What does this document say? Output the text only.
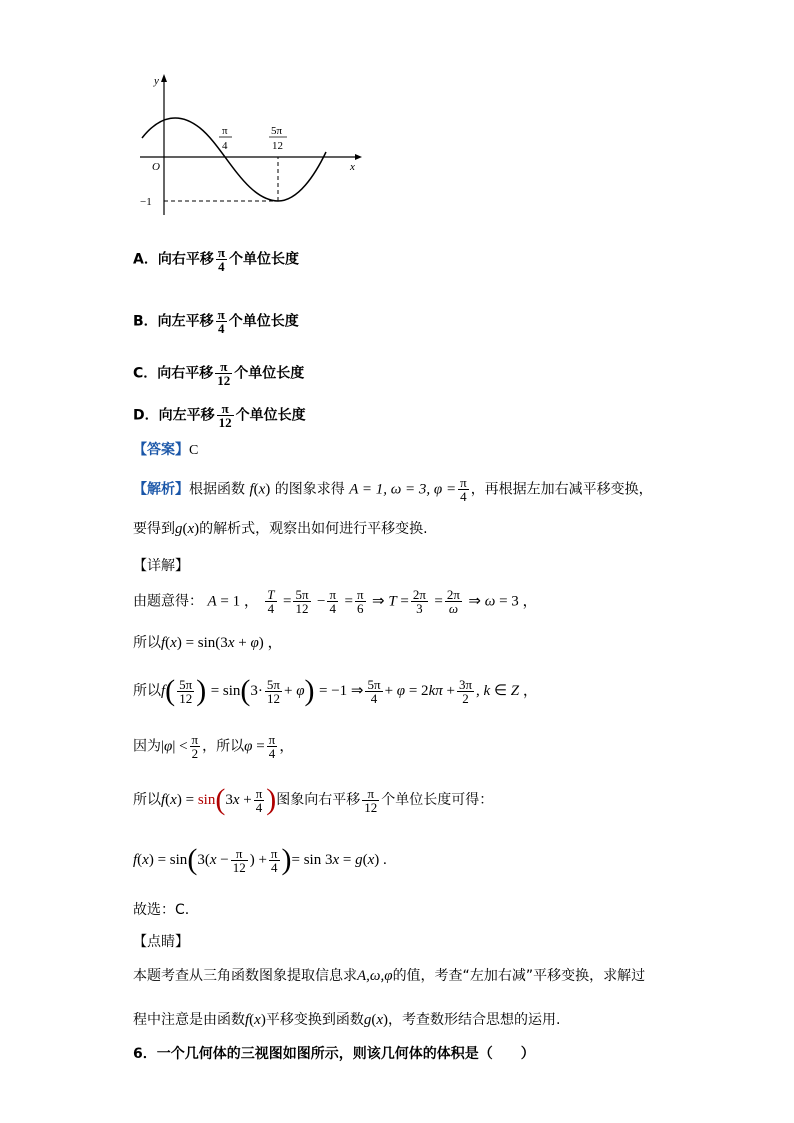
y
x
O
−1
π
4
5π
12
A．向右平移 $\frac{\pi}{4}$ 个单位长度
B．向左平移 $\frac{\pi}{4}$ 个单位长度
C．向右平移 $\frac{\pi}{12}$ 个单位长度
D．向左平移 $\frac{\pi}{12}$ 个单位长度
【答案】C
【解析】根据函数 f(x) 的图象求得 A = 1, ω = 3, $\varphi = \frac{\pi}{4}$ ，再根据左加右减平移变换，
要得到g(x)的解析式，观察出如何进行平移变换.
【详解】
由题意得： A = 1 ， $\frac{T}{4} = \frac{5\pi}{12} - \frac{\pi}{4} = \frac{\pi}{6}$ ⇒ $T = \frac{2\pi}{3} = \frac{2\pi}{\omega}$ ⇒ ω = 3 ，
所以f(x) = sin(3x + φ) ，
所以$f( \frac{5\pi}{12}$ ) = $\sin(3\cdot \frac{5\pi}{12} + \varphi) = -1$ ⇒ $\frac{5\pi}{4} + \varphi = 2k\pi + \frac{3\pi}{2}$ , k ∈ Z ，
因为$|\varphi| < \frac{\pi}{2}$ ，所以$\varphi = \frac{\pi}{4}$ ，
所以$f(x) = \sin(3x + \frac{\pi}{4}$ )图象向右平移 $\frac{\pi}{12}$ 个单位长度可得：
$f(x) = \sin(3(x - \frac{\pi}{12}$ ) + $\frac{\pi}{4}$ )= sin 3x = g(x) .
故选：C.
【点睛】
本题考查从三角函数图象提取信息求A,ω,φ的值，考查“左加右减”平移变换，求解过
程中注意是由函数f(x)平移变换到函数g(x)，考查数形结合思想的运用.
6．一个几何体的三视图如图所示，则该几何体的体积是（　　）
